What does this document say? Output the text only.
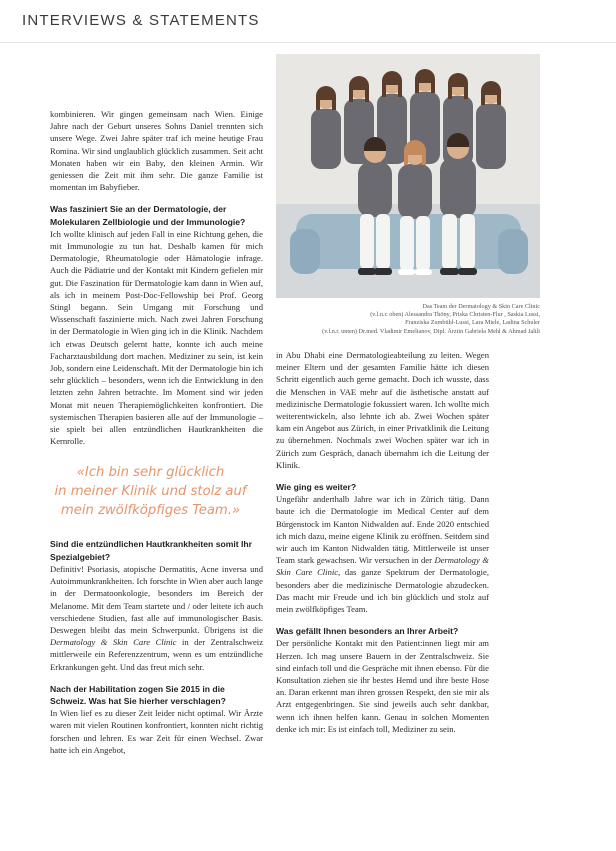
INTERVIEWS & STATEMENTS

kombinieren. Wir gingen gemeinsam nach Wien. Einige Jahre nach der Geburt unseres Sohns Daniel trennten sich unsere Wege. Zwei Jahre später traf ich meine heutige Frau Romina. Wir sind unglaublich glücklich zusammen. Seit acht Monaten haben wir ein Baby, den kleinen Armin. Wir geniessen die Zeit mit ihm sehr. Die ganze Familie ist momentan im Babyfieber.

Was fasziniert Sie an der Dermatologie, der Molekularen Zellbiologie und der Immunologie?

Ich wollte klinisch auf jeden Fall in eine Richtung gehen, die mit Immunologie zu tun hat. Deshalb kamen für mich Dermatologie, Rheumatologie oder Hämatologie infrage. Auch die Pädiatrie und der Kontakt mit Kindern gefielen mir gut. Die Faszination für Dermatologie kam dann in Wien auf, als ich in meinem Post-Doc-Fellowship bei Prof. Georg Stingl begann. Sein Umgang mit Forschung und Wissenschaft faszinierte mich. Nach zwei Jahren Forschung in der Dermatologie in Wien ging ich in die Klinik. Nachdem ich etwas Deutsch gelernt hatte, konnte ich auch meine Facharztausbildung dort machen. Mediziner zu sein, ist kein Job, sondern eine Leidenschaft. Mit der Dermatologie bin ich sehr glücklich – besonders, wenn ich die Entwicklung in den letzten zehn Jahren betrachte. Im Moment sind wir jeden Monat mit neuen Therapiemöglichkeiten konfrontiert. Die systemischen Therapien basieren alle auf der Immunologie – sie spielt bei allen entzündlichen Hautkrankheiten die Kernrolle.

«Ich bin sehr glücklich
in meiner Klinik und stolz auf
mein zwölfköpfiges Team.»
Sind die entzündlichen Hautkrankheiten somit Ihr Spezialgebiet?

Definitiv! Psoriasis, atopische Dermatitis, Acne inversa und Autoimmunkrankheiten. Ich forschte in Wien aber auch lange in der Dermatoonkologie, besonders im Bereich der Melanome. Mit dem Team startete und / oder leitete ich auch verschiedene Studien, fast alle auf immunologischer Basis. Deswegen bleibt das mein Schwerpunkt. Übrigens ist die Dermatology & Skin Care Clinic in der Zentralschweiz mittlerweile ein Referenzzentrum, wenn es um entzündliche Erkrankungen geht. Und das freut mich sehr.

Nach der Habilitation zogen Sie 2015 in die Schweiz. Was hat Sie hierher verschlagen?

In Wien lief es zu dieser Zeit leider nicht optimal. Wir Ärzte waren mit vielen Routinen konfrontiert, konnten nicht richtig forschen und lehren. Es war Zeit für einen Wechsel. Zwar hatte ich ein Angebot,

Das Team der Dermatology & Skin Care Clinic
(v.l.n.r. oben) Alessandra Thöny, Priska Christen-Flur , Saskia Lussi,
Franziska Zumbühl-Lussi, Lara Miele, Ladina Schuler
(v.l.n.r. unten) Dr.med. Vladimir Emelianov, Dipl. Ärztin Gabriela Mehl & Ahmad Jalili

in Abu Dhabi eine Dermatologieabteilung zu leiten. Wegen meiner Eltern und der gesamten Familie hätte ich diesen Schritt eigentlich auch gerne gemacht. Doch ich wusste, dass die Menschen in VAE mehr auf die ästhetische anstatt auf medizinische Dermatologie fokussiert waren. Ich wollte mich weiterentwickeln, also lehnte ich ab. Zwei Wochen später kam ein Angebot aus Zürich, in einer Privatklinik die Leitung zu übernehmen. Nochmals zwei Wochen später war ich in Zürich zum Gespräch, danach übernahm ich die Leitung der Klinik.

Wie ging es weiter?

Ungefähr anderthalb Jahre war ich in Zürich tätig. Dann baute ich die Dermatologie im Medical Center auf dem Bürgenstock im Kanton Nidwalden auf. Ende 2020 entschied ich mich dazu, meine eigene Klinik zu eröffnen. Seitdem sind wir auch im Kanton Nidwalden tätig. Mittlerweile ist unser Team stark gewachsen. Wir versuchen in der Dermatology & Skin Care Clinic, das ganze Spektrum der Dermatologie, besonders aber die medizinische Dermatologie abzudecken. Das macht mir Freude und ich bin glücklich und stolz auf mein zwölfköpfiges Team.

Was gefällt Ihnen besonders an Ihrer Arbeit?

Der persönliche Kontakt mit den Patient:innen liegt mir am Herzen. Ich mag unsere Bauern in der Zentralschweiz. Sie sind einfach toll und die Gespräche mit ihnen ebenso. Für die Konsultation ziehen sie ihr bestes Hemd und ihre beste Hose an. Daran erkennt man ihren grossen Respekt, den sie mir als Arzt entgegenbringen. Sie sind jeweils auch sehr dankbar, wenn ich ihnen helfen kann. Genau in solchen Momenten denke ich mir: Es ist einfach toll, Mediziner zu sein.
